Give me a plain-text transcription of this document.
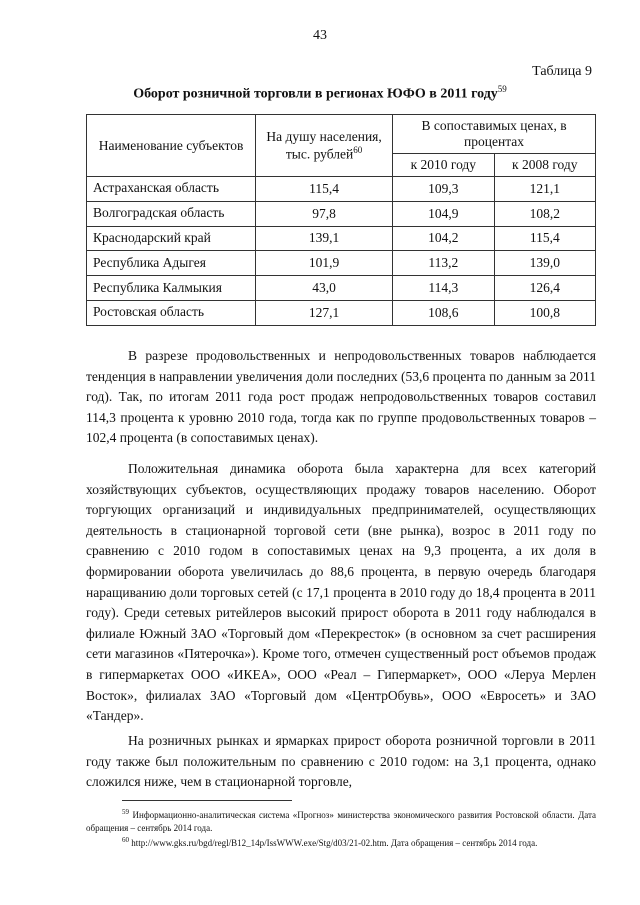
43
Таблица 9
Оборот розничной торговли в регионах ЮФО в 2011 году$^{59}$
Наименование субъектов	На душу населения, тыс. рублей$^{60}$	В сопоставимых ценах, в процентах	
		к 2010 году	к 2008 году
Астраханская область	115,4	109,3	121,1
Волгоградская область	97,8	104,9	108,2
Краснодарский край	139,1	104,2	115,4
Республика Адыгея	101,9	113,2	139,0
Республика Калмыкия	43,0	114,3	126,4
Ростовская область	127,1	108,6	100,8

В разрезе продовольственных и непродовольственных товаров наблюдается тенденция в направлении увеличения доли последних (53,6 процента по данным за 2011 год). Так, по итогам 2011 года рост продаж непродовольственных товаров составил 114,3 процента к уровню 2010 года, тогда как по группе продовольственных товаров – 102,4 процента (в сопоставимых ценах).

Положительная динамика оборота была характерна для всех категорий хозяйствующих субъектов, осуществляющих продажу товаров населению. Оборот торгующих организаций и индивидуальных предпринимателей, осуществляющих деятельность в стационарной торговой сети (вне рынка), возрос в 2011 году по сравнению с 2010 годом в сопоставимых ценах на 9,3 процента, а их доля в формировании оборота увеличилась до 88,6 процента, в первую очередь благодаря наращиванию доли торговых сетей (с 17,1 процента в 2010 году до 18,4 процента в 2011 году). Среди сетевых ритейлеров высокий прирост оборота в 2011 году наблюдался в филиале Южный ЗАО «Торговый дом «Перекресток» (в основном за счет расширения сети магазинов «Пятерочка»). Кроме того, отмечен существенный рост объемов продаж в гипермаркетах ООО «ИКЕА», ООО «Реал – Гипермаркет», ООО «Леруа Мерлен Восток», филиалах ЗАО «Торговый дом «ЦентрОбувь», ООО «Евросеть» и ЗАО «Тандер».

На розничных рынках и ярмарках прирост оборота розничной торговли в 2011 году также был положительным по сравнению с 2010 годом: на 3,1 процента, однако сложился ниже, чем в стационарной торговле,

$^{59}$ Информационно-аналитическая система «Прогноз» министерства экономического развития Ростовской области. Дата обращения – сентябрь 2014 года.

$^{60}$ http://www.gks.ru/bgd/regl/B12_14p/IssWWW.exe/Stg/d03/21-02.htm. Дата обращения – сентябрь 2014 года.
